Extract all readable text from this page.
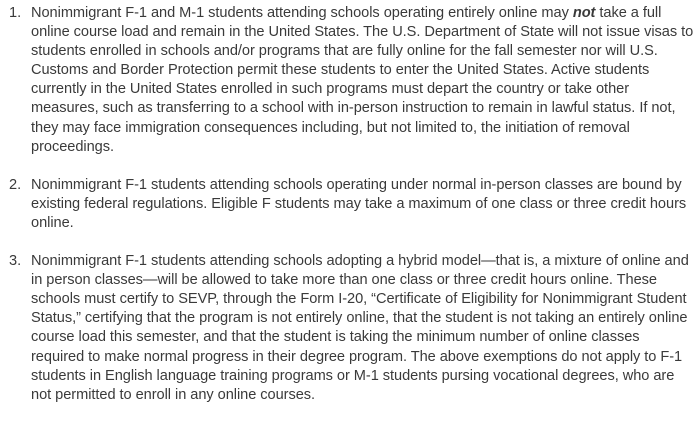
1. Nonimmigrant F-1 and M-1 students attending schools operating entirely online may not take a full online course load and remain in the United States. The U.S. Department of State will not issue visas to students enrolled in schools and/or programs that are fully online for the fall semester nor will U.S. Customs and Border Protection permit these students to enter the United States. Active students currently in the United States enrolled in such programs must depart the country or take other measures, such as transferring to a school with in-person instruction to remain in lawful status. If not, they may face immigration consequences including, but not limited to, the initiation of removal proceedings.
2. Nonimmigrant F-1 students attending schools operating under normal in-person classes are bound by existing federal regulations. Eligible F students may take a maximum of one class or three credit hours online.
3. Nonimmigrant F-1 students attending schools adopting a hybrid model—that is, a mixture of online and in person classes—will be allowed to take more than one class or three credit hours online. These schools must certify to SEVP, through the Form I-20, “Certificate of Eligibility for Nonimmigrant Student Status,” certifying that the program is not entirely online, that the student is not taking an entirely online course load this semester, and that the student is taking the minimum number of online classes required to make normal progress in their degree program. The above exemptions do not apply to F-1 students in English language training programs or M-1 students pursing vocational degrees, who are not permitted to enroll in any online courses.
